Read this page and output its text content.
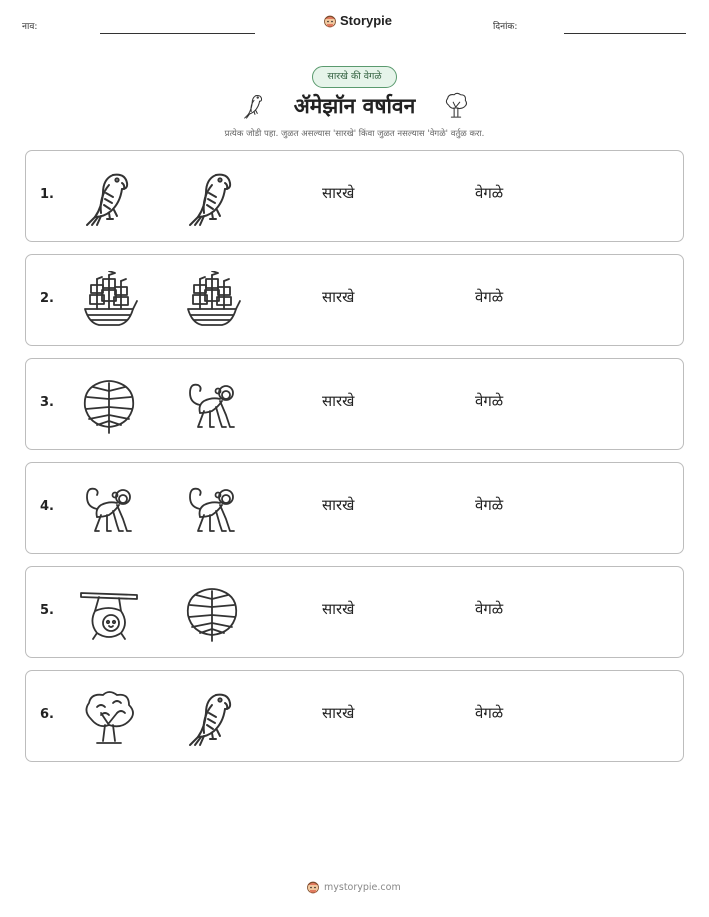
नाव:	Storypie	दिनांक:
सारखे की वेगळे
ॲमेझॉन वर्षावन
प्रत्येक जोडी पहा. जुळत असल्यास 'सारखे' किंवा जुळत नसल्यास 'वेगळे' वर्तुळ करा.
1.	सारखे	वेगळे
2.	सारखे	वेगळे
3.	सारखे	वेगळे
4.	सारखे	वेगळे
5.	सारखे	वेगळे
6.	सारखे	वेगळे
mystorypie.com
